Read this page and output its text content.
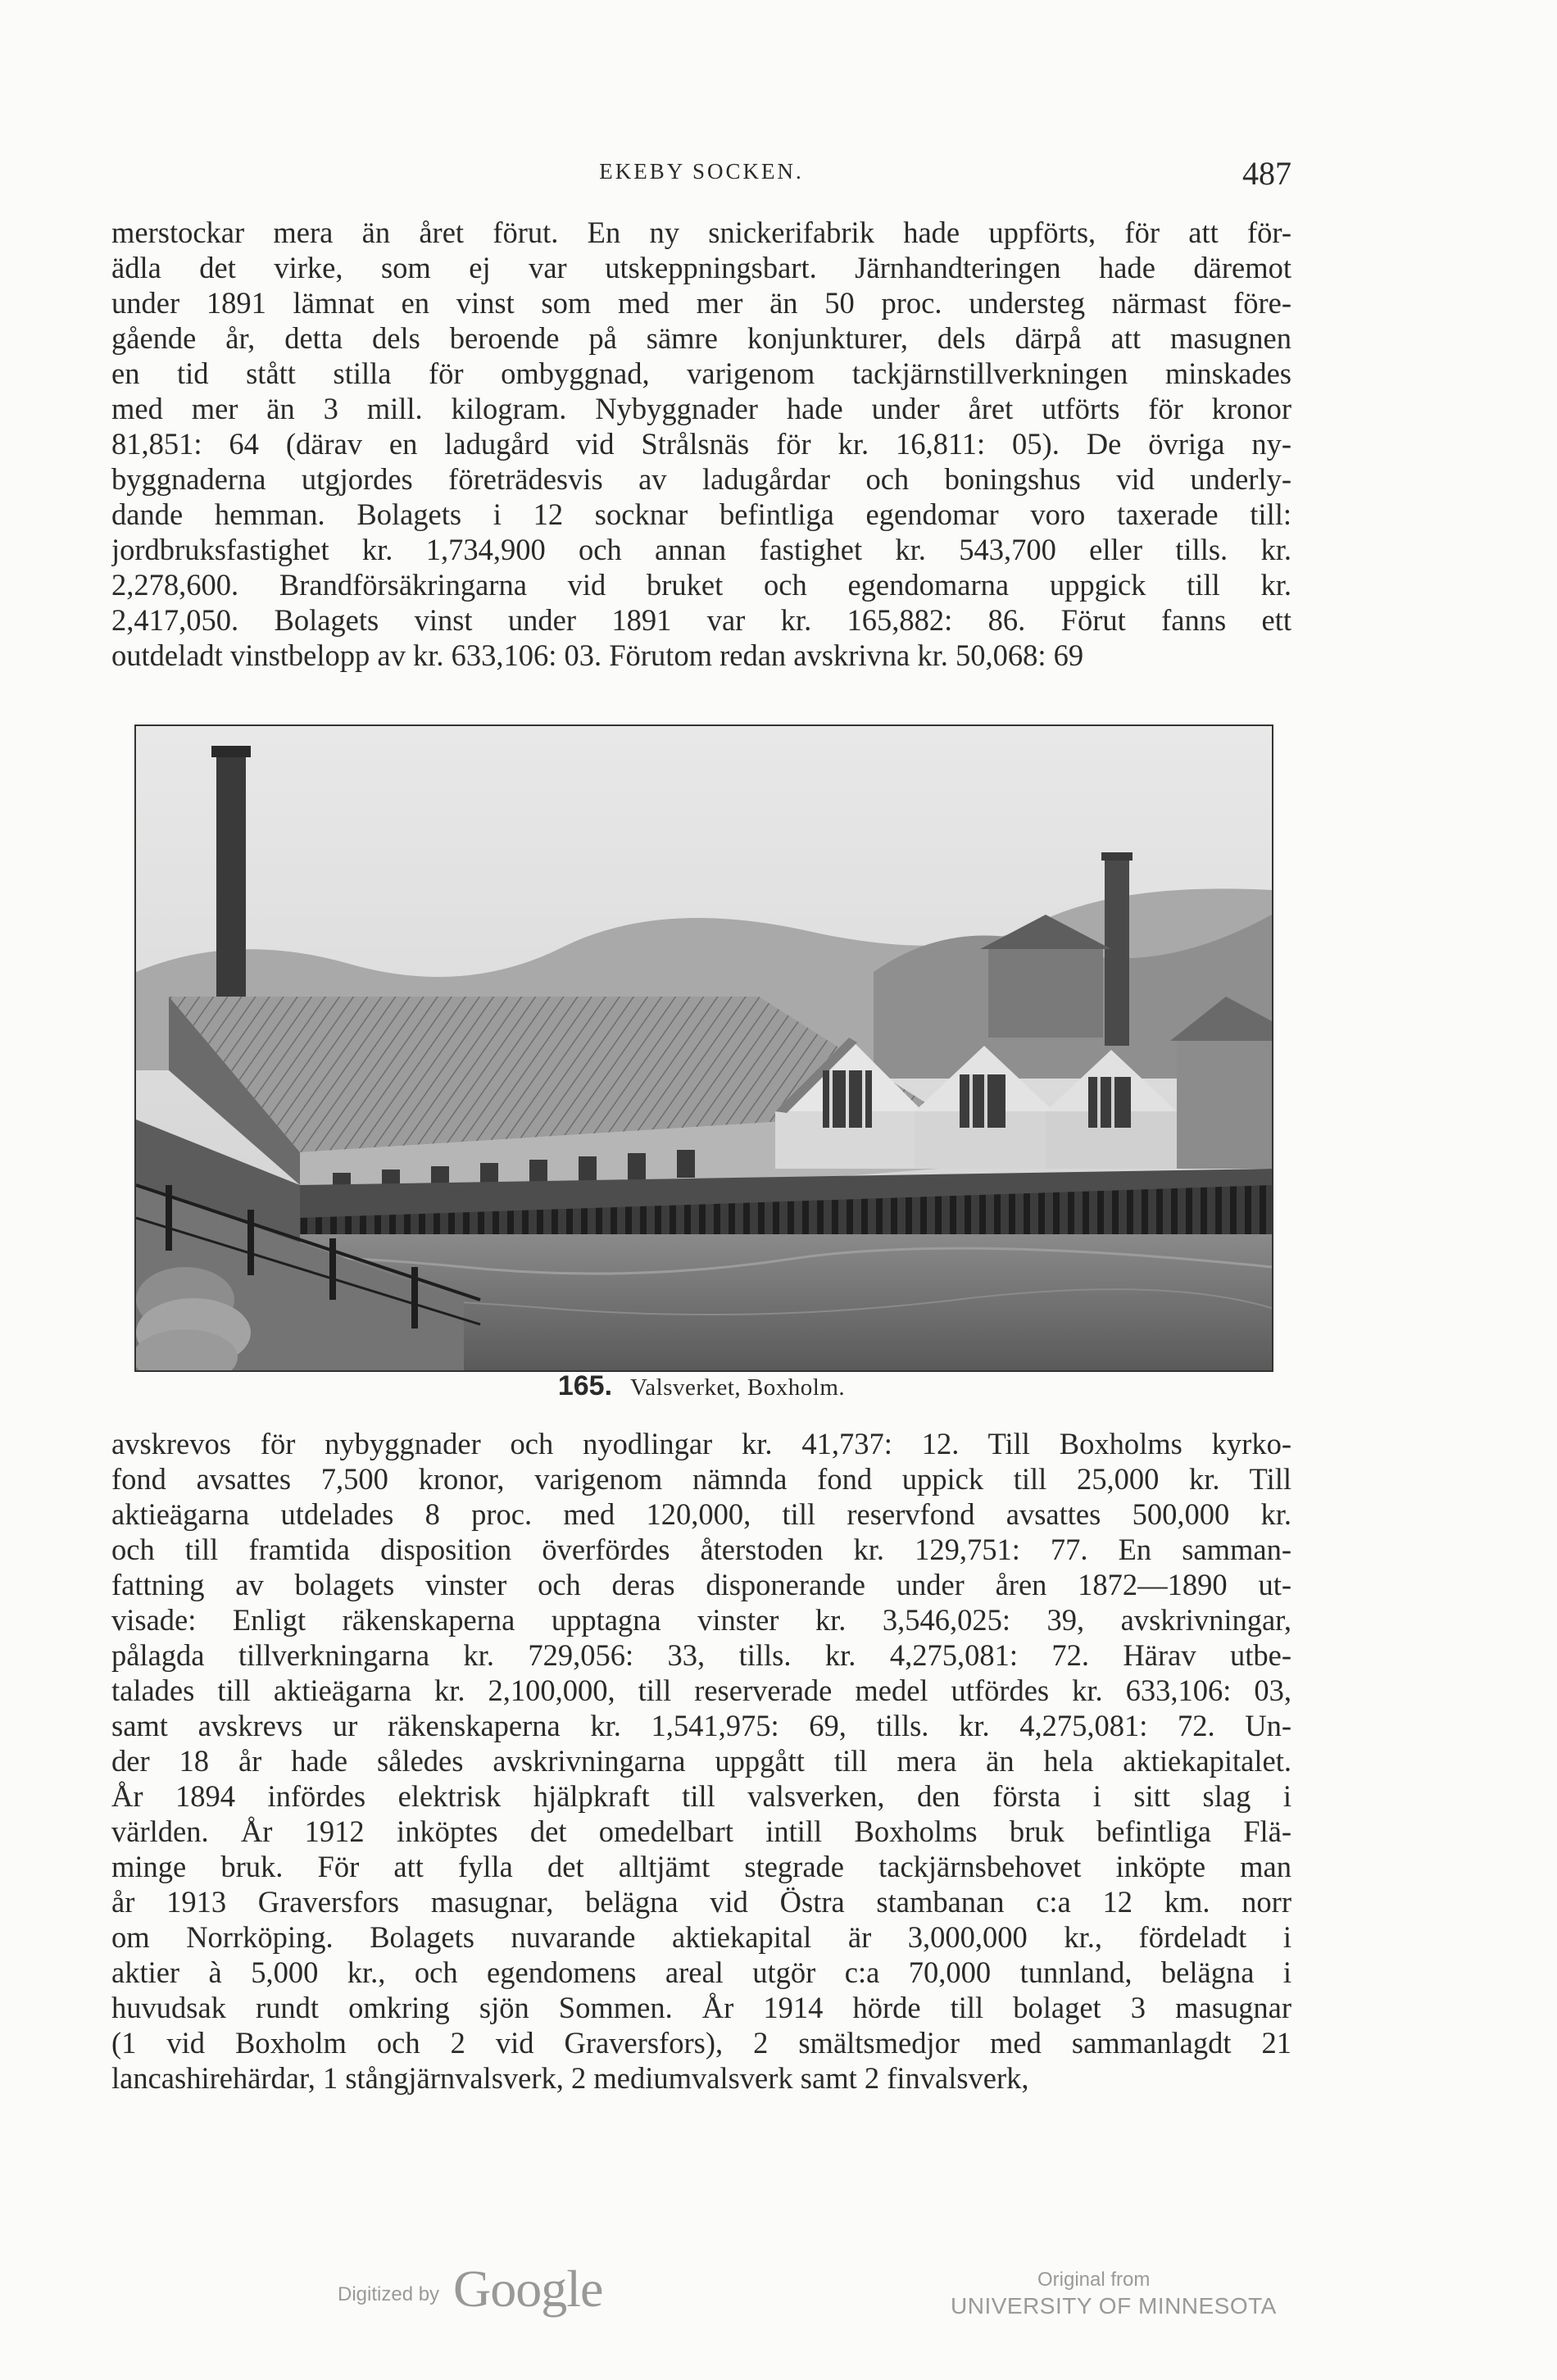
EKEBY SOCKEN.	487
merstockar mera än året förut. En ny snickerifabrik hade uppförts, för att för-
ädla det virke, som ej var utskeppningsbart. Järnhandteringen hade däremot
under 1891 lämnat en vinst som med mer än 50 proc. understeg närmast före-
gående år, detta dels beroende på sämre konjunkturer, dels därpå att masugnen
en tid stått stilla för ombyggnad, varigenom tackjärnstillverkningen minskades
med mer än 3 mill. kilogram. Nybyggnader hade under året utförts för kronor
81,851: 64 (därav en ladugård vid Strålsnäs för kr. 16,811: 05). De övriga ny-
byggnaderna utgjordes företrädesvis av ladugårdar och boningshus vid underly-
dande hemman. Bolagets i 12 socknar befintliga egendomar voro taxerade till:
jordbruksfastighet kr. 1,734,900 och annan fastighet kr. 543,700 eller tills. kr.
2,278,600. Brandförsäkringarna vid bruket och egendomarna uppgick till kr.
2,417,050. Bolagets vinst under 1891 var kr. 165,882: 86. Förut fanns ett
outdeladt vinstbelopp av kr. 633,106: 03. Förutom redan avskrivna kr. 50,068: 69
165. Valsverket, Boxholm.
avskrevos för nybyggnader och nyodlingar kr. 41,737: 12. Till Boxholms kyrko-
fond avsattes 7,500 kronor, varigenom nämnda fond uppick till 25,000 kr. Till
aktieägarna utdelades 8 proc. med 120,000, till reservfond avsattes 500,000 kr.
och till framtida disposition överfördes återstoden kr. 129,751: 77. En samman-
fattning av bolagets vinster och deras disponerande under åren 1872—1890 ut-
visade: Enligt räkenskaperna upptagna vinster kr. 3,546,025: 39, avskrivningar,
pålagda tillverkningarna kr. 729,056: 33, tills. kr. 4,275,081: 72. Härav utbe-
talades till aktieägarna kr. 2,100,000, till reserverade medel utfördes kr. 633,106: 03,
samt avskrevs ur räkenskaperna kr. 1,541,975: 69, tills. kr. 4,275,081: 72. Un-
der 18 år hade således avskrivningarna uppgått till mera än hela aktiekapitalet.
År 1894 infördes elektrisk hjälpkraft till valsverken, den första i sitt slag i
världen. År 1912 inköptes det omedelbart intill Boxholms bruk befintliga Flä-
minge bruk. För att fylla det alltjämt stegrade tackjärnsbehovet inköpte man
år 1913 Graversfors masugnar, belägna vid Östra stambanan c:a 12 km. norr
om Norrköping. Bolagets nuvarande aktiekapital är 3,000,000 kr., fördeladt i
aktier à 5,000 kr., och egendomens areal utgör c:a 70,000 tunnland, belägna i
huvudsak rundt omkring sjön Sommen. År 1914 hörde till bolaget 3 masugnar
(1 vid Boxholm och 2 vid Graversfors), 2 smältsmedjor med sammanlagdt 21
lancashirehärdar, 1 stångjärnvalsverk, 2 mediumvalsverk samt 2 finvalsverk,
Digitized by Google	Original from
UNIVERSITY OF MINNESOTA
